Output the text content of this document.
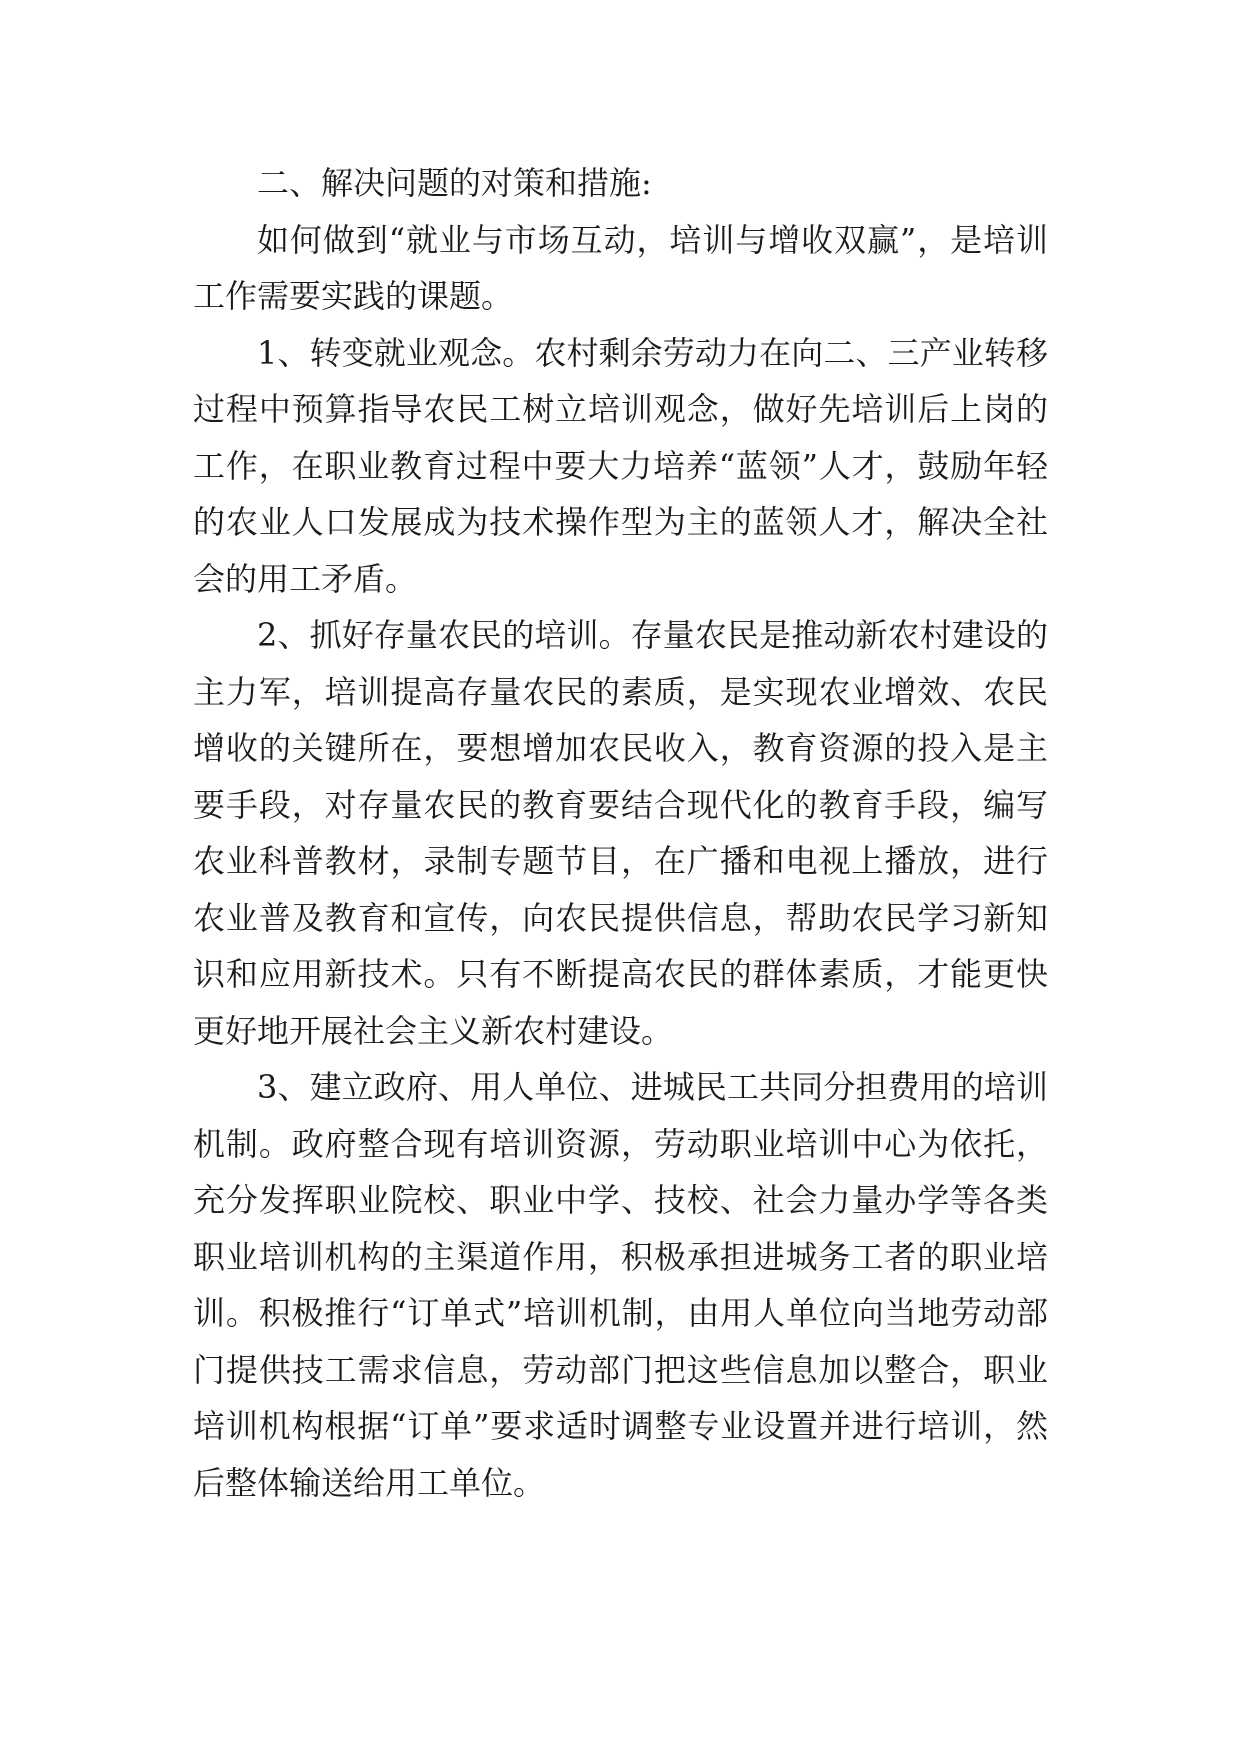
二、解决问题的对策和措施:

如何做到“就业与市场互动，培训与增收双赢”，是培训工作需要实践的课题。

1、转变就业观念。农村剩余劳动力在向二、三产业转移过程中预算指导农民工树立培训观念，做好先培训后上岗的工作，在职业教育过程中要大力培养“蓝领”人才，鼓励年轻的农业人口发展成为技术操作型为主的蓝领人才，解决全社会的用工矛盾。

2、抓好存量农民的培训。存量农民是推动新农村建设的主力军，培训提高存量农民的素质，是实现农业增效、农民增收的关键所在，要想增加农民收入，教育资源的投入是主要手段，对存量农民的教育要结合现代化的教育手段，编写农业科普教材，录制专题节目，在广播和电视上播放，进行农业普及教育和宣传，向农民提供信息，帮助农民学习新知识和应用新技术。只有不断提高农民的群体素质，才能更快更好地开展社会主义新农村建设。

3、建立政府、用人单位、进城民工共同分担费用的培训机制。政府整合现有培训资源，劳动职业培训中心为依托，充分发挥职业院校、职业中学、技校、社会力量办学等各类职业培训机构的主渠道作用，积极承担进城务工者的职业培训。积极推行“订单式”培训机制，由用人单位向当地劳动部门提供技工需求信息，劳动部门把这些信息加以整合，职业培训机构根据“订单”要求适时调整专业设置并进行培训，然后整体输送给用工单位。
